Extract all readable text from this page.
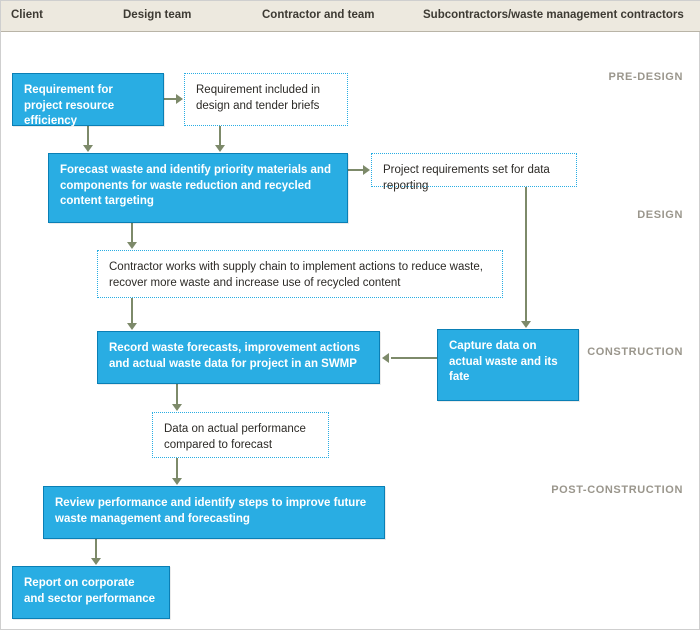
Client	Design team	Contractor and team	Subcontractors/waste management contractors
PRE-DESIGN
DESIGN
CONSTRUCTION
POST-CONSTRUCTION
Requirement for project resource efficiency
Requirement included in design and tender briefs
Forecast waste and identify priority materials and components for waste reduction and recycled content targeting
Project requirements set for data reporting
Contractor works with supply chain to implement actions to reduce waste, recover more waste and increase use of recycled content
Record waste forecasts, improvement actions and actual waste data for project in an SWMP
Capture data on actual waste and its fate
Data on actual performance compared to forecast
Review performance and identify steps to improve future waste management and forecasting
Report on corporate and sector performance
